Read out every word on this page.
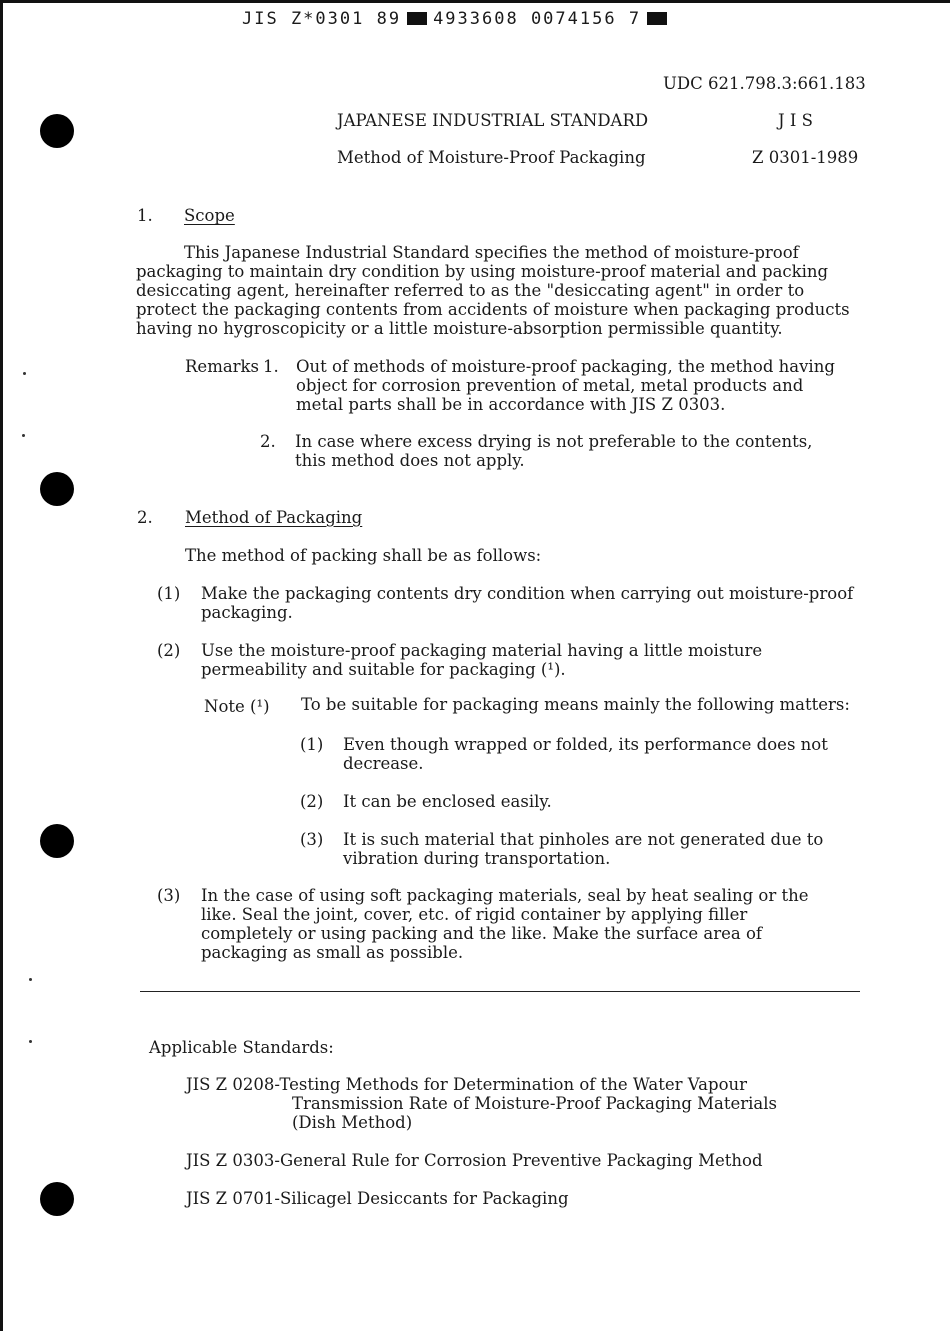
JIS Z*0301 89 4933608 0074156 7
UDC 621.798.3:661.183
JAPANESE INDUSTRIAL STANDARD	J I S
Method of Moisture-Proof Packaging	Z 0301-1989
1. Scope
This Japanese Industrial Standard specifies the method of moisture-proof
packaging to maintain dry condition by using moisture-proof material and packing
desiccating agent, hereinafter referred to as the "desiccating agent" in order to
protect the packaging contents from accidents of moisture when packaging products
having no hygroscopicity or a little moisture-absorption permissible quantity.
Remarks 1. Out of methods of moisture-proof packaging, the method having
object for corrosion prevention of metal, metal products and
metal parts shall be in accordance with JIS Z 0303.
2. In case where excess drying is not preferable to the contents,
this method does not apply.
2. Method of Packaging
The method of packing shall be as follows:
(1) Make the packaging contents dry condition when carrying out moisture-proof
packaging.
(2) Use the moisture-proof packaging material having a little moisture
permeability and suitable for packaging (¹).
Note (¹) To be suitable for packaging means mainly the following matters:
(1) Even though wrapped or folded, its performance does not
decrease.
(2) It can be enclosed easily.
(3) It is such material that pinholes are not generated due to
vibration during transportation.
(3) In the case of using soft packaging materials, seal by heat sealing or the
like. Seal the joint, cover, etc. of rigid container by applying filler
completely or using packing and the like. Make the surface area of
packaging as small as possible.
Applicable Standards:
JIS Z 0208-Testing Methods for Determination of the Water Vapour
Transmission Rate of Moisture-Proof Packaging Materials
(Dish Method)
JIS Z 0303-General Rule for Corrosion Preventive Packaging Method
JIS Z 0701-Silicagel Desiccants for Packaging
